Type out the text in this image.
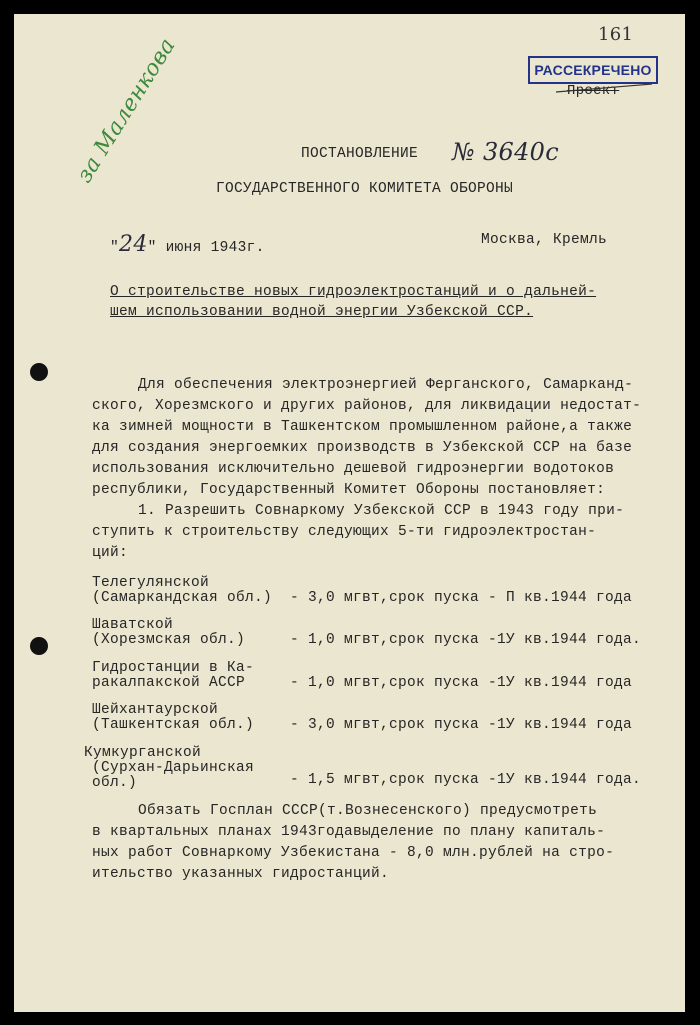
161
РАССЕКРЕЧЕНО
Проект
за Маленкова	ПОСТАНОВЛЕНИЕ № 3640с
ГОСУДАРСТВЕННОГО КОМИТЕТА ОБОРОНЫ
"24" июня 1943г.	Москва, Кремль
О строительстве новых гидроэлектростанций и о дальней-
шем использовании водной энергии Узбекской ССР.
Для обеспечения электроэнергией Ферганского, Самарканд-
ского, Хорезмского и других районов, для ликвидации недостат-
ка зимней мощности в Ташкентском промышленном районе,а также
для создания энергоемких производств в Узбекской ССР на базе
использования исключительно дешевой гидроэнергии водотоков
республики, Государственный Комитет Обороны постановляет:
1. Разрешить Совнаркому Узбекской ССР в 1943 году при-
ступить к строительству следующих 5-ти гидроэлектростан-
ций:
Телегулянской
(Самаркандская обл.) - 3,0 мгвт,срок пуска - П кв.1944 года
Шаватской
(Хорезмская обл.)	- 1,0 мгвт,срок пуска -1У кв.1944 года.
Гидростанции в Ка-
ракалпакской АССР	- 1,0 мгвт,срок пуска -1У кв.1944 года
Шейхантаурской
(Ташкентская обл.) - 3,0 мгвт,срок пуска -1У кв.1944 года
Кумкурганской
(Сурхан-Дарьинская
обл.)	- 1,5 мгвт,срок пуска -1У кв.1944 года.
Обязать Госплан СССР(т.Вознесенского) предусмотреть
в квартальных планах 1943годавыделение по плану капиталь-
ных работ Совнаркому Узбекистана - 8,0 млн.рублей на стро-
ительство указанных гидростанций.
